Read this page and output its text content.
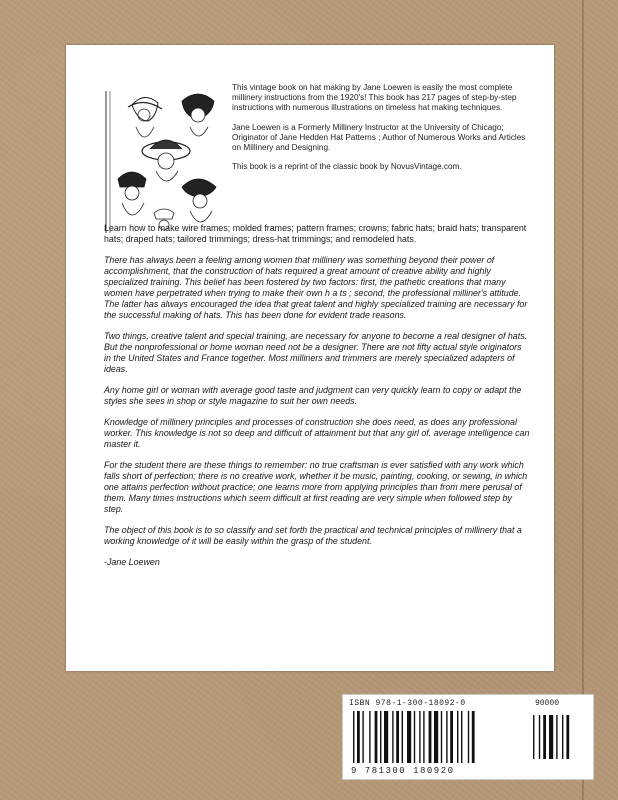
This vintage book on hat making by Jane Loewen is easily the most complete millinery instructions from the 1920's! This book has 217 pages of step-by-step instructions with numerous illustrations on timeless hat making techniques.

Jane Loewen is a Formerly Millinery Instructor at the University of Chicago; Originator of Jane Hedden Hat Patterns ; Author of Numerous Works and Articles on Millinery and Designing.

This book is a reprint of the classic book by NovusVintage.com.

Learn how to make wire frames; molded frames; pattern frames; crowns; fabric hats; braid hats; transparent hats; draped hats; tailored trimmings; dress-hat trimmings; and remodeled hats.

There has always been a feeling among women that millinery was something beyond their power of accomplishment, that the construction of hats required a great amount of creative ability and highly specialized training. This belief has been fostered by two factors: first, the pathetic creations that many women have perpetrated when trying to make their own h a ts ; second, the professional milliner's attitude. The latter has always encouraged the idea that great talent and highly specialized training are necessary for the successful making of hats. This has been done for evident trade reasons.

Two things, creative talent and special training, are necessary for anyone to become a real designer of hats. But the nonprofessional or home woman need not be a designer. There are not fifty actual style originators in the United States and France together. Most milliners and trimmers are merely specialized adapters of ideas.

Any home girl or woman with average good taste and judgment can very quickly learn to copy or adapt the styles she sees in shop or style magazine to suit her own needs.

Knowledge of millinery principles and processes of construction she does need, as does any professional worker. This knowledge is not so deep and difficult of attainment but that any girl of. average intelligence can master it.

For the student there are these things to remember: no true craftsman is ever satisfied with any work which falls short of perfection; there is no creative work, whether it be music, painting, cooking, or sewing, in which one attains perfection without practice; one learns more from applying principles than from mere perusal of them. Many times instructions which seem difficult at first reading are very simple when followed step by step.

The object of this book is to so classify and set forth the practical and technical principles of millinery that a working knowledge of it will be easily within the grasp of the student.

-Jane Loewen

ISBN 978-1-300-18092-0	90000
9 781300 180920
